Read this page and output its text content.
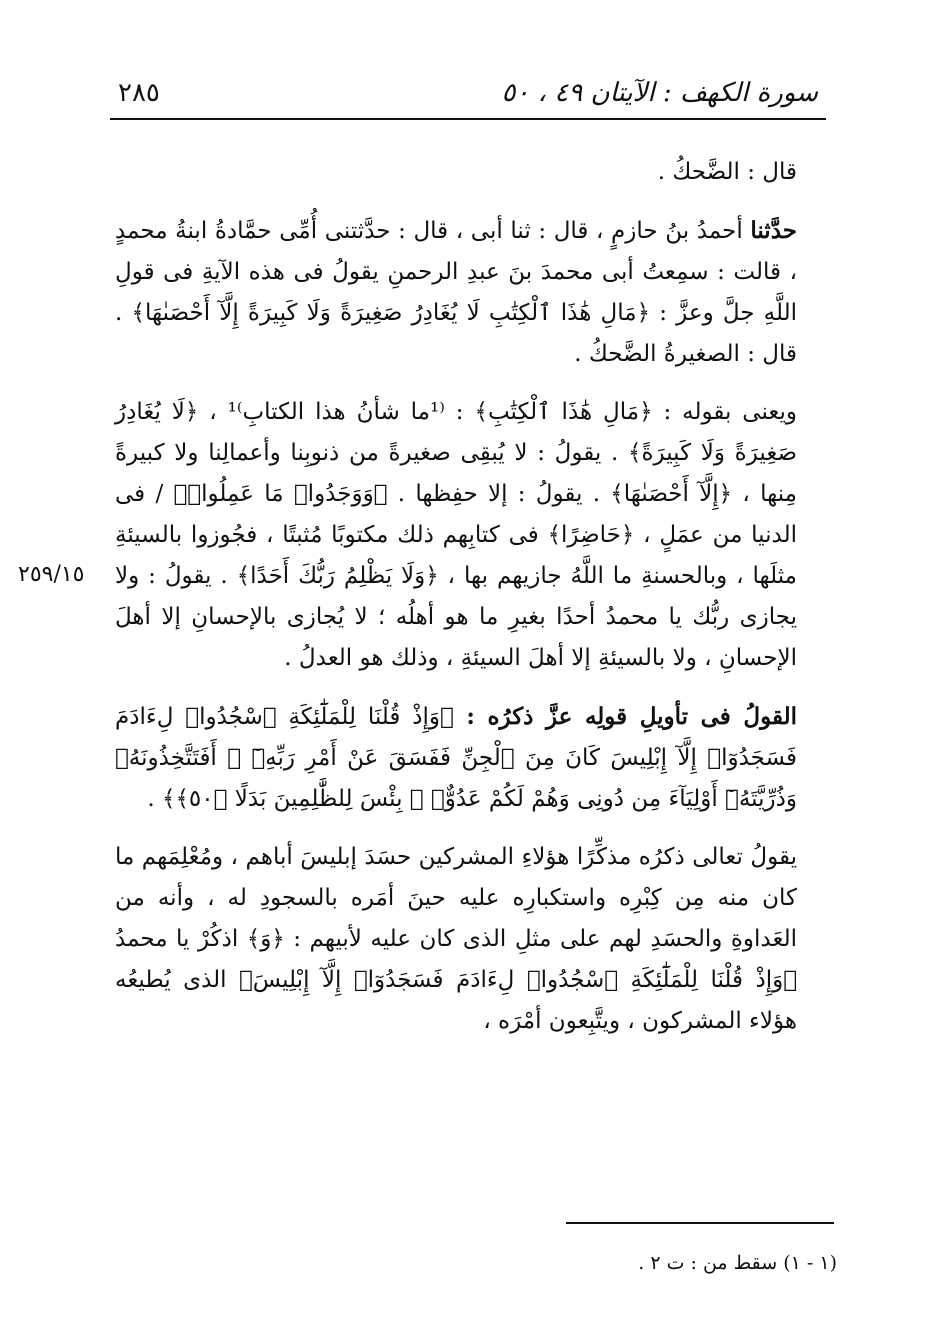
٢٨٥	سورة الكهف : الآيتان ٤٩ ، ٥٠
٢٥٩/١٥

قال : الضَّحكُ .

حدَّثنا أحمدُ بنُ حازمٍ ، قال : ثنا أبى ، قال : حدَّثتنى أُمِّى حمَّادةُ ابنةُ محمدٍ ، قالت : سمِعتُ أبى محمدَ بنَ عبدِ الرحمنِ يقولُ فى هذه الآيةِ فى قولِ اللَّهِ جلَّ وعزَّ : ﴿مَالِ هَٰذَا ٱلْكِتَٰبِ لَا يُغَادِرُ صَغِيرَةً وَلَا كَبِيرَةً إِلَّآ أَحْصَىٰهَا﴾ . قال : الصغيرةُ الضَّحكُ .

ويعنى بقوله : ﴿مَالِ هَٰذَا ٱلْكِتَٰبِ﴾ : ⁽¹ما شأنُ هذا الكتابِ⁾¹ ، ﴿لَا يُغَادِرُ صَغِيرَةً وَلَا كَبِيرَةً﴾ . يقولُ : لا يُبقِى صغيرةً من ذنوبِنا وأعمالِنا ولا كبيرةً مِنها ، ﴿إِلَّآ أَحْصَىٰهَا﴾ . يقولُ : إلا حفِظها . ﴿وَوَجَدُوا۟ مَا عَمِلُوا۟﴾ / فى الدنيا من عمَلٍ ، ﴿حَاضِرًا﴾ فى كتابِهم ذلك مكتوبًا مُثبتًا ، فجُوزوا بالسيئةِ مثلَها ، وبالحسنةِ ما اللَّهُ جازيهم بها ، ﴿وَلَا يَظْلِمُ رَبُّكَ أَحَدًا﴾ . يقولُ : ولا يجازى ربُّك يا محمدُ أحدًا بغيرِ ما هو أهلُه ؛ لا يُجازى بالإحسانِ إلا أهلَ الإحسانِ ، ولا بالسيئةِ إلا أهلَ السيئةِ ، وذلك هو العدلُ .

القولُ فى تأويلِ قولِه عزَّ ذكرُه : ﴿وَإِذْ قُلْنَا لِلْمَلَٰٓئِكَةِ ٱسْجُدُوا۟ لِءَادَمَ فَسَجَدُوٓا۟ إِلَّآ إِبْلِيسَ كَانَ مِنَ ٱلْجِنِّ فَفَسَقَ عَنْ أَمْرِ رَبِّهِۦٓ ۗ أَفَتَتَّخِذُونَهُۥ وَذُرِّيَّتَهُۥٓ أَوْلِيَآءَ مِن دُونِى وَهُمْ لَكُمْ عَدُوٌّۢ ۚ بِئْسَ لِلظَّٰلِمِينَ بَدَلًا ﴿٥٠﴾﴾ .

يقولُ تعالى ذكرُه مذكِّرًا هؤلاءِ المشركين حسَدَ إبليسَ أباهم ، ومُعْلِمَهم ما كان منه مِن كِبْرِه واستكبارِه عليه حينَ أمَره بالسجودِ له ، وأنه من العَداوةِ والحسَدِ لهم على مثلِ الذى كان عليه لأبيهم : ﴿وَ﴾ اذكُرْ يا محمدُ ﴿وَإِذْ قُلْنَا لِلْمَلَٰٓئِكَةِ ٱسْجُدُوا۟ لِءَادَمَ فَسَجَدُوٓا۟ إِلَّآ إِبْلِيسَ﴾ الذى يُطيعُه هؤلاء المشركون ، ويتَّبِعون أمْرَه ،

(١ - ١) سقط من : ت ٢ .
